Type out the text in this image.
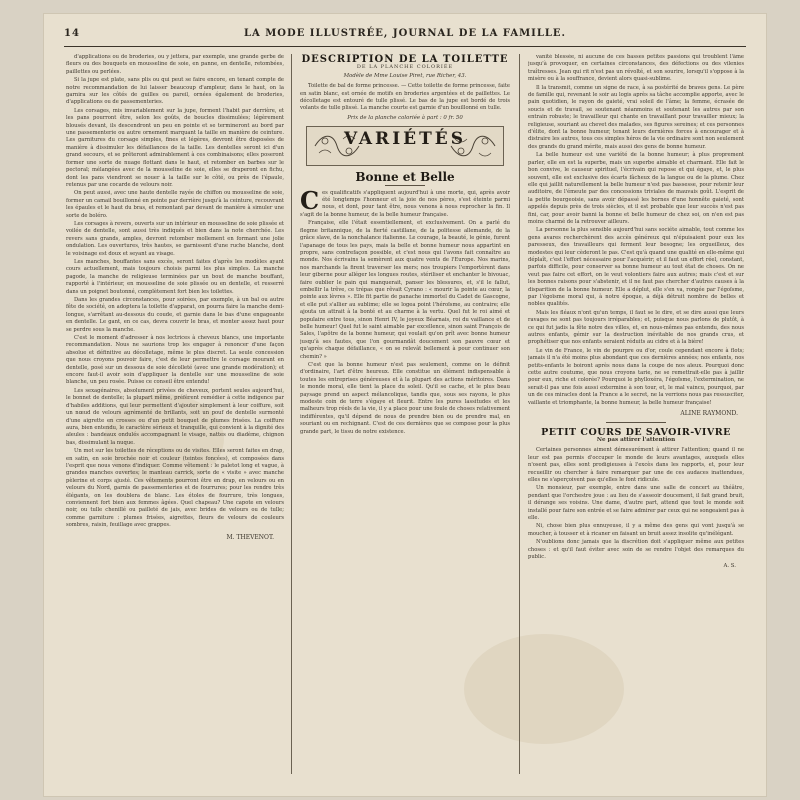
14	LA MODE ILLUSTRÉE, JOURNAL DE LA FAMILLE.

d'applications ou de broderies, ou y jettera, par exemple, une grande gerbe de fleurs ou des bouquets en mousseline de soie, en panne, en dentelle, retombées, paillettes ou perlées.

Si la jupe est plate, sans plis ou qui peut se faire encore, en tenant compte de notre recommandation de lui laisser beaucoup d'ampleur, dans le haut, on la garnira sur les côtés de guilles ou pareil, ornées également de broderies, d'applications ou de passementeries.

Les corsages, mis invariablement sur la jupe, forment l'habit par derrière, et les pans pourront être, selon les goûts, de boucles dissimulées; légèrement blousés devant, ils descendront un peu en pointe et se termineront au bord par une passementerie ou autre ornement marquant la taille en manière de ceinture. Les garnitures du corsage simples, fines et légères, devront être disposées de manière à dissimuler les défaillances de la taille. Les dentelles seront ici d'un grand secours, et se prêteront admirablement à ces combinaisons; elles poseront former une sorte de nuage flottant dans le haut, et retomber en barbes sur le pectoral; mélangées avec de la mousseline de soie, elles se draperont en fichu, dont les pans viendront se nouer à la taille sur le côté, ou près de l'épaule, retenus par une cocarde de velours noir.

On peut aussi, avec une haute dentelle rayée de chiffon ou mousseline de soie, former un camail bouillonné en pointe par derrière jusqu'à la ceinture, recouvrant les épaules et le haut du bras, et remontant par devant de manière à simuler une sorte de boléro.

Les corsages à revers, ouverts sur un intérieur en mousseline de soie plissée et voilée de dentelle, sont aussi très indiqués et bien dans la note cherchée. Les revers sans grands, amples, devront retomber mollement en formant une jolie ondulation. Les ouvertures, très hautes, se garnissent d'une ruche blanche, dont le voisinage est doux et seyant au visage.

Les manches, bouffantes sans excès, seront faites d'après les modèles ayant cours actuellement, mais toujours choisis parmi les plus simples. La manche pagode, la manche de religieuse terminées par un bout de manche bouffant, rapporté à l'intérieur, en mousseline de soie plissée ou en dentelle, et resserré dans un poignet boutonné, complètement fort bien les toilettes.

Dans les grandes circonstances, pour soirées, par exemple, à un bal ou autre fête de société, on adoptera la toilette d'apparat, on pourra faire la manche demi-longue, s'arrêtant au-dessous du coude, et garnie dans le bas d'une engageante en dentelle. Le gant, en ce cas, devra couvrir le bras, et monter assez haut pour se perdre sous la manche.

C'est le moment d'adresser à nos lectrices à cheveux blancs, une importante recommandation. Nous ne saurions trop les engager à renoncer d'une façon absolue et définitive au décolletage, même le plus discret. La seule concession que nous croyons pouvoir faire, c'est de leur permettre le corsage mourant en dentelle, posé sur un dessous de soie décolleté (avec une grande modération); et encore faut-il avoir soin d'appliquer la dentelle sur une mousseline de soie blanche, un peu rosée. Puisse ce conseil être entendu!

Les sexagénaires, absolument privées de cheveux, portent seules aujourd'hui, le bonnet de dentelle; la plupart même, préfèrent remédier à cette indigence par d'habiles additions, qui leur permettent d'ajouter simplement à leur coiffure, soit un nœud de velours agrémenté de brillants, soit un pouf de dentelle surmonté d'une aigrette en crosses ou d'un petit bouquet de plumes frisées. La coiffure aura, bien entendu, le caractère sérieux et tranquille, qui convient à la dignité des aïeules : bandeaux ondulés accompagnant le visage, nattes ou diadème, chignon bas, dissimulant la nuque.

Un mot sur les toilettes de réceptions ou de visites. Elles seront faites en drap, en satin, en soie brochée noir et couleur (teintes foncées), et composées dans l'esprit que nous venons d'indiquer. Comme vêtement : le paletot long et vague, à grandes manches ouvertes; le manteau carrick, sorte de « visite » avec manche pèlerine et corps ajusté. Ces vêtements pourront être en drap, en velours ou en velours du Nord, garnis de passementeries et de fourrures; pour les rendre très élégants, on les doublera de blanc. Les étoles de fourrure, très longues, conviennent fort bien aux femmes âgées. Quel chapeau? Une capote en velours noir, ou tulle chenillé ou pailleté de jais, avec brides de velours ou de tulle; comme garniture : plumes frisées, aigrettes, fleurs de velours de couleurs sombres, raisin, feuillage avec grappes.

M. THEVENOT.
DESCRIPTION DE LA TOILETTE
DE LA PLANCHE COLORIÉE
Modèle de Mme Louise Piret, rue Richer, 43.

Toilette de bal de forme princesse. — Cette toilette de forme princesse, faite en satin blanc, est ornée de motifs en broderies argentées et de paillettes. Le décolletage est entouré de tulle plissé. Le bas de la jupe est bordé de trois volants de tulle plissé. La manche courte est garnie d'un bouillonné en tulle.

Prix de la planche coloriée à part : 0 fr. 50
VARIÉTÉS
Bonne et Belle

Ces qualificatifs s'appliquent aujourd'hui à une morte, qui, après avoir été longtemps l'honneur et la joie de nos pères, s'est éteinte parmi nous, et dont, pour tant être, nous venons à nous reprocher la fin. Il s'agit de la bonne humeur, de la belle humeur française.

Française, elle l'était essentiellement, et exclusivement. On a parlé du flegme britannique, de la fierté castillane, de la politesse allemande, de la grâce slave, de la nonchalance italienne. Le courage, la beauté, le génie, furent l'apanage de tous les pays, mais la belle et bonne humeur nous appartint en propre, sans contrefaçon possible, et c'est nous qui l'avons fait connaître au monde. Nos écrivains la semèrent aux quatre vents de l'Europe. Nos marins, nos marchands la firent traverser les mers; nos troupiers l'emportèrent dans leur giberne pour alléger les longues routes, stériliser et enchanter le bivouac, faire oublier le pain qui manquerait, panser les blessures, et, s'il le fallut, embellir la trêve, ce trépas que rêvait Cyrano : « mourir la pointe au cœur, la pointe aux lèvres ». Elle fit partie de panache immortel du Cadet de Gascogne, et elle put s'allier au sublime; elle se logea point l'héroïsme, au contraire; elle ajouta un attrait à la bonté et au charme à la vertu. Quel fut le roi aimé et populaire entre tous, sinon Henri IV, le joyeux Béarnais, roi du vaillance et de belle humeur! Quel fut le saint aimable par excellence, sinon saint François de Sales, l'apôtre de la bonne humeur, qui voulait qu'on prît avec bonne humeur jusqu'à ses fautes, que l'on gourmandât doucement son pauvre cœur et qu'après chaque défaillance, « on se relevât bellement à pour continuer son chemin? »

C'est que la bonne humeur n'est pas seulement, comme on le définit d'ordinaire, l'art d'être heureux. Elle constitue un élément indispensable à toutes les entreprises généreuses et à la plupart des actions méritoires. Dans le monde moral, elle tient la place du soleil. Qu'il se cache, et le plus beau paysage prend un aspect mélancolique, tandis que, sous ses rayons, le plus modeste coin de terre s'égaye et fleurit. Entre les pures lassitudes et les malheurs trop réels de la vie, il y a place pour une foule de choses relativement indifférentes, qu'il dépend de nous de prendre bien ou de prendre mal, en souriant ou en rechignant. C'est de ces dernières que se compose pour la plus grande part, le tissu de notre existence.

vanité blessée, ni aucune de ces basses petites passions qui troublent l'âme jusqu'à provoquer, en certaines circonstances, des défections ou des vilenies traîtresses. Jean qui rit n'est pas un révolté, et son sourire, lorsqu'il s'oppose à la misère ou à la souffrance, devient alors quasi-sublime.

Il la transmit, comme un signe de race, à sa postérité de braves gens. Le père de famille qui, revenant le soir au logis après sa tâche accomplie apporte, avec le pain quotidien, le rayon de gaieté, vrai soleil de l'âme; la femme, écrasée de soucis et de travail, se soutenant néanmoins et soutenant les autres par son entrain robuste; le travailleur qui chante en travaillant pour travailler mieux; la religieuse, souriant au chevet des malades, ses figures sereines; et ces personnes d'élite, dont la bonne humeur, tenant leurs dernières forces à encourager et à distraire les autres, tous ces simples héros de la vie ordinaire sont non seulement des grands du grand mérite, mais aussi des gens de bonne humeur.

La belle humeur est une variété de la bonne humeur; à plus proprement parler, elle en est la superbe, mais un superbe aimable et charmant. Elle fait le bon convive, le causeur spirituel, l'écrivain qui repose et qui égaye, et, le plus souvent, elle est exclusive des écarts fâcheux de la langue ou de la plume. Chez elle qui jaillit naturellement la belle humeur n'est pas bassesse, pour retenir leur auditoire, de l'émeute par des concessions triviales de mauvais goût. L'esprit de la petite bourgeoisie, sans avoir dépassé les bornes d'une honnête gaieté, sont appelés depuis près de trois siècles, et il est probable que leur succès n'est pas fini, car, pour avoir banni la bonne et belle humeur de chez soi, on n'en est pas moins charmé de la retrouver ailleurs.

La personne la plus sensible aujourd'hui sans sociéte aimable, tout comme les gens avares recherchèrent des accès généreux qui n'épuisaient pour eux les paresseux, des travailleurs qui ferment leur besogne; les orgueilleux, des modestes qui leur cèderont le pas. C'est qu'à quand une qualité en elle-même qui déplaît, c'est l'effort nécessaire pour l'acquérir; et il faut un effort réel, constant, parfois difficile, pour conserver sa bonne humeur au tout état de choses. On ne veut pas faire cet effort, on le veut volontiers faire aux autres; mais c'est et sur les bonnes raisons pour s'abstenir, et il ne faut pas chercher d'autres causes à la disparition de la bonne humeur. Elle a déplut, elle s'en va, rongée par l'égoïsme, par l'égoïsme moral qui, à notre époque, a déjà détruit nombre de belles et nobles qualités.

Mais les fléaux n'ont qu'un temps, il faut se le dire, et se dire aussi que leurs ravages ne sont pas toujours irréparables; et, puisque nous parlons de plutôt, à ce qui fut jadis la fête notre des villes, et, en nous-mêmes pas entendu, des nous autres enfants, gémir sur la destruction inévitable de nos grands crus, et prophétiser que nos enfants seraient réduits au cidre et à la bière!

Le vin de France, le vin de pourpre ou d'or, coule cependant encore à flots; jamais il n'a été moins plus abondant que ces dernières années; nos enfants, nos petits-enfants le boiront après nous dans la coupe de nos aïeux. Pourquoi donc cette autre coutume, que nous croyons tarie, ne se remettrait-elle pas à jaillir pour eux, riche et colorée? Pourquoi le phylloxéra, l'égoïsme, l'extermination, ne serait-il pas une fois aussi extermine à son tour, et, le mal vaincu, pourquoi, par un de ces miracles dont la France a le secret, ne la verrions nous pas ressusciter, vaillante et triomphante, la bonne humeur, la belle humeur française!

ALINE RAYMOND.
PETIT COURS DE SAVOIR-VIVRE
Ne pas attirer l'attention

Certaines personnes aiment démesurément à attirer l'attention; quand il ne leur est pas permis d'occuper le monde de leurs avantages, auxquels elles n'osent pas, elles sont prodigieuses à l'excès dans les rapports, et, pour leur recueillir ou chercher à faire remarquer par une de ces audaces inattendues, elles ne s'aperçoivent pas qu'elles le font ridicule.

Un monsieur, par exemple, entre dans une salle de concert au théâtre, pendant que l'orchestre joue : au lieu de s'asseoir doucement, il fait grand bruit, il dérange ses voisins. Une dame, d'autre part, attend que tout le monde soit installé pour faire son entrée et se faire admirer par ceux qui ne songeaient pas à elle.

Ni, chose bien plus ennuyeuse, il y a même des gens qui vont jusqu'à se moucher, à tousser et à ricaner en faisant un bruit assez insolite qu'inélégant.

N'oublions donc jamais que la discrétion doit s'appliquer même aux petites choses : et qu'il faut éviter avec soin de se rendre l'objet des remarques du public.

A. S.
